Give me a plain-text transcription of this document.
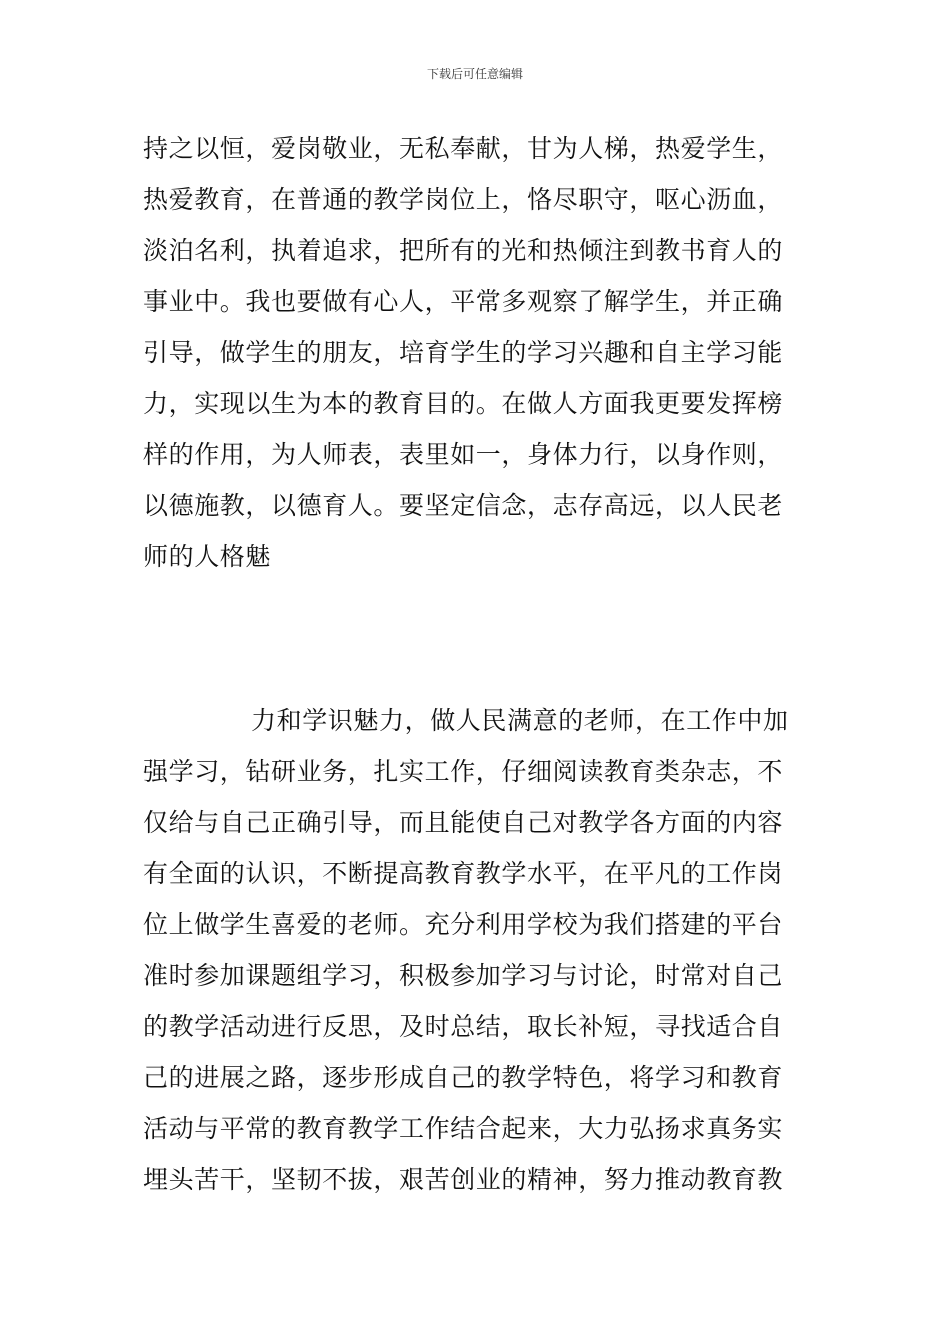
下载后可任意编辑
持之以恒，爱岗敬业，无私奉献，甘为人梯，热爱学生，
热爱教育，在普通的教学岗位上，恪尽职守，呕心沥血，
淡泊名利，执着追求，把所有的光和热倾注到教书育人的
事业中。我也要做有心人，平常多观察了解学生，并正确
引导，做学生的朋友，培育学生的学习兴趣和自主学习能
力，实现以生为本的教育目的。在做人方面我更要发挥榜
样的作用，为人师表，表里如一，身体力行，以身作则，
以德施教，以德育人。要坚定信念，志存高远，以人民老
师的人格魅
力和学识魅力，做人民满意的老师，在工作中加
强学习，钻研业务，扎实工作，仔细阅读教育类杂志，不
仅给与自己正确引导，而且能使自己对教学各方面的内容
有全面的认识，不断提高教育教学水平，在平凡的工作岗
位上做学生喜爱的老师。充分利用学校为我们搭建的平台
准时参加课题组学习，积极参加学习与讨论，时常对自己
的教学活动进行反思，及时总结，取长补短，寻找适合自
己的进展之路，逐步形成自己的教学特色，将学习和教育
活动与平常的教育教学工作结合起来，大力弘扬求真务实
埋头苦干，坚韧不拔，艰苦创业的精神，努力推动教育教
